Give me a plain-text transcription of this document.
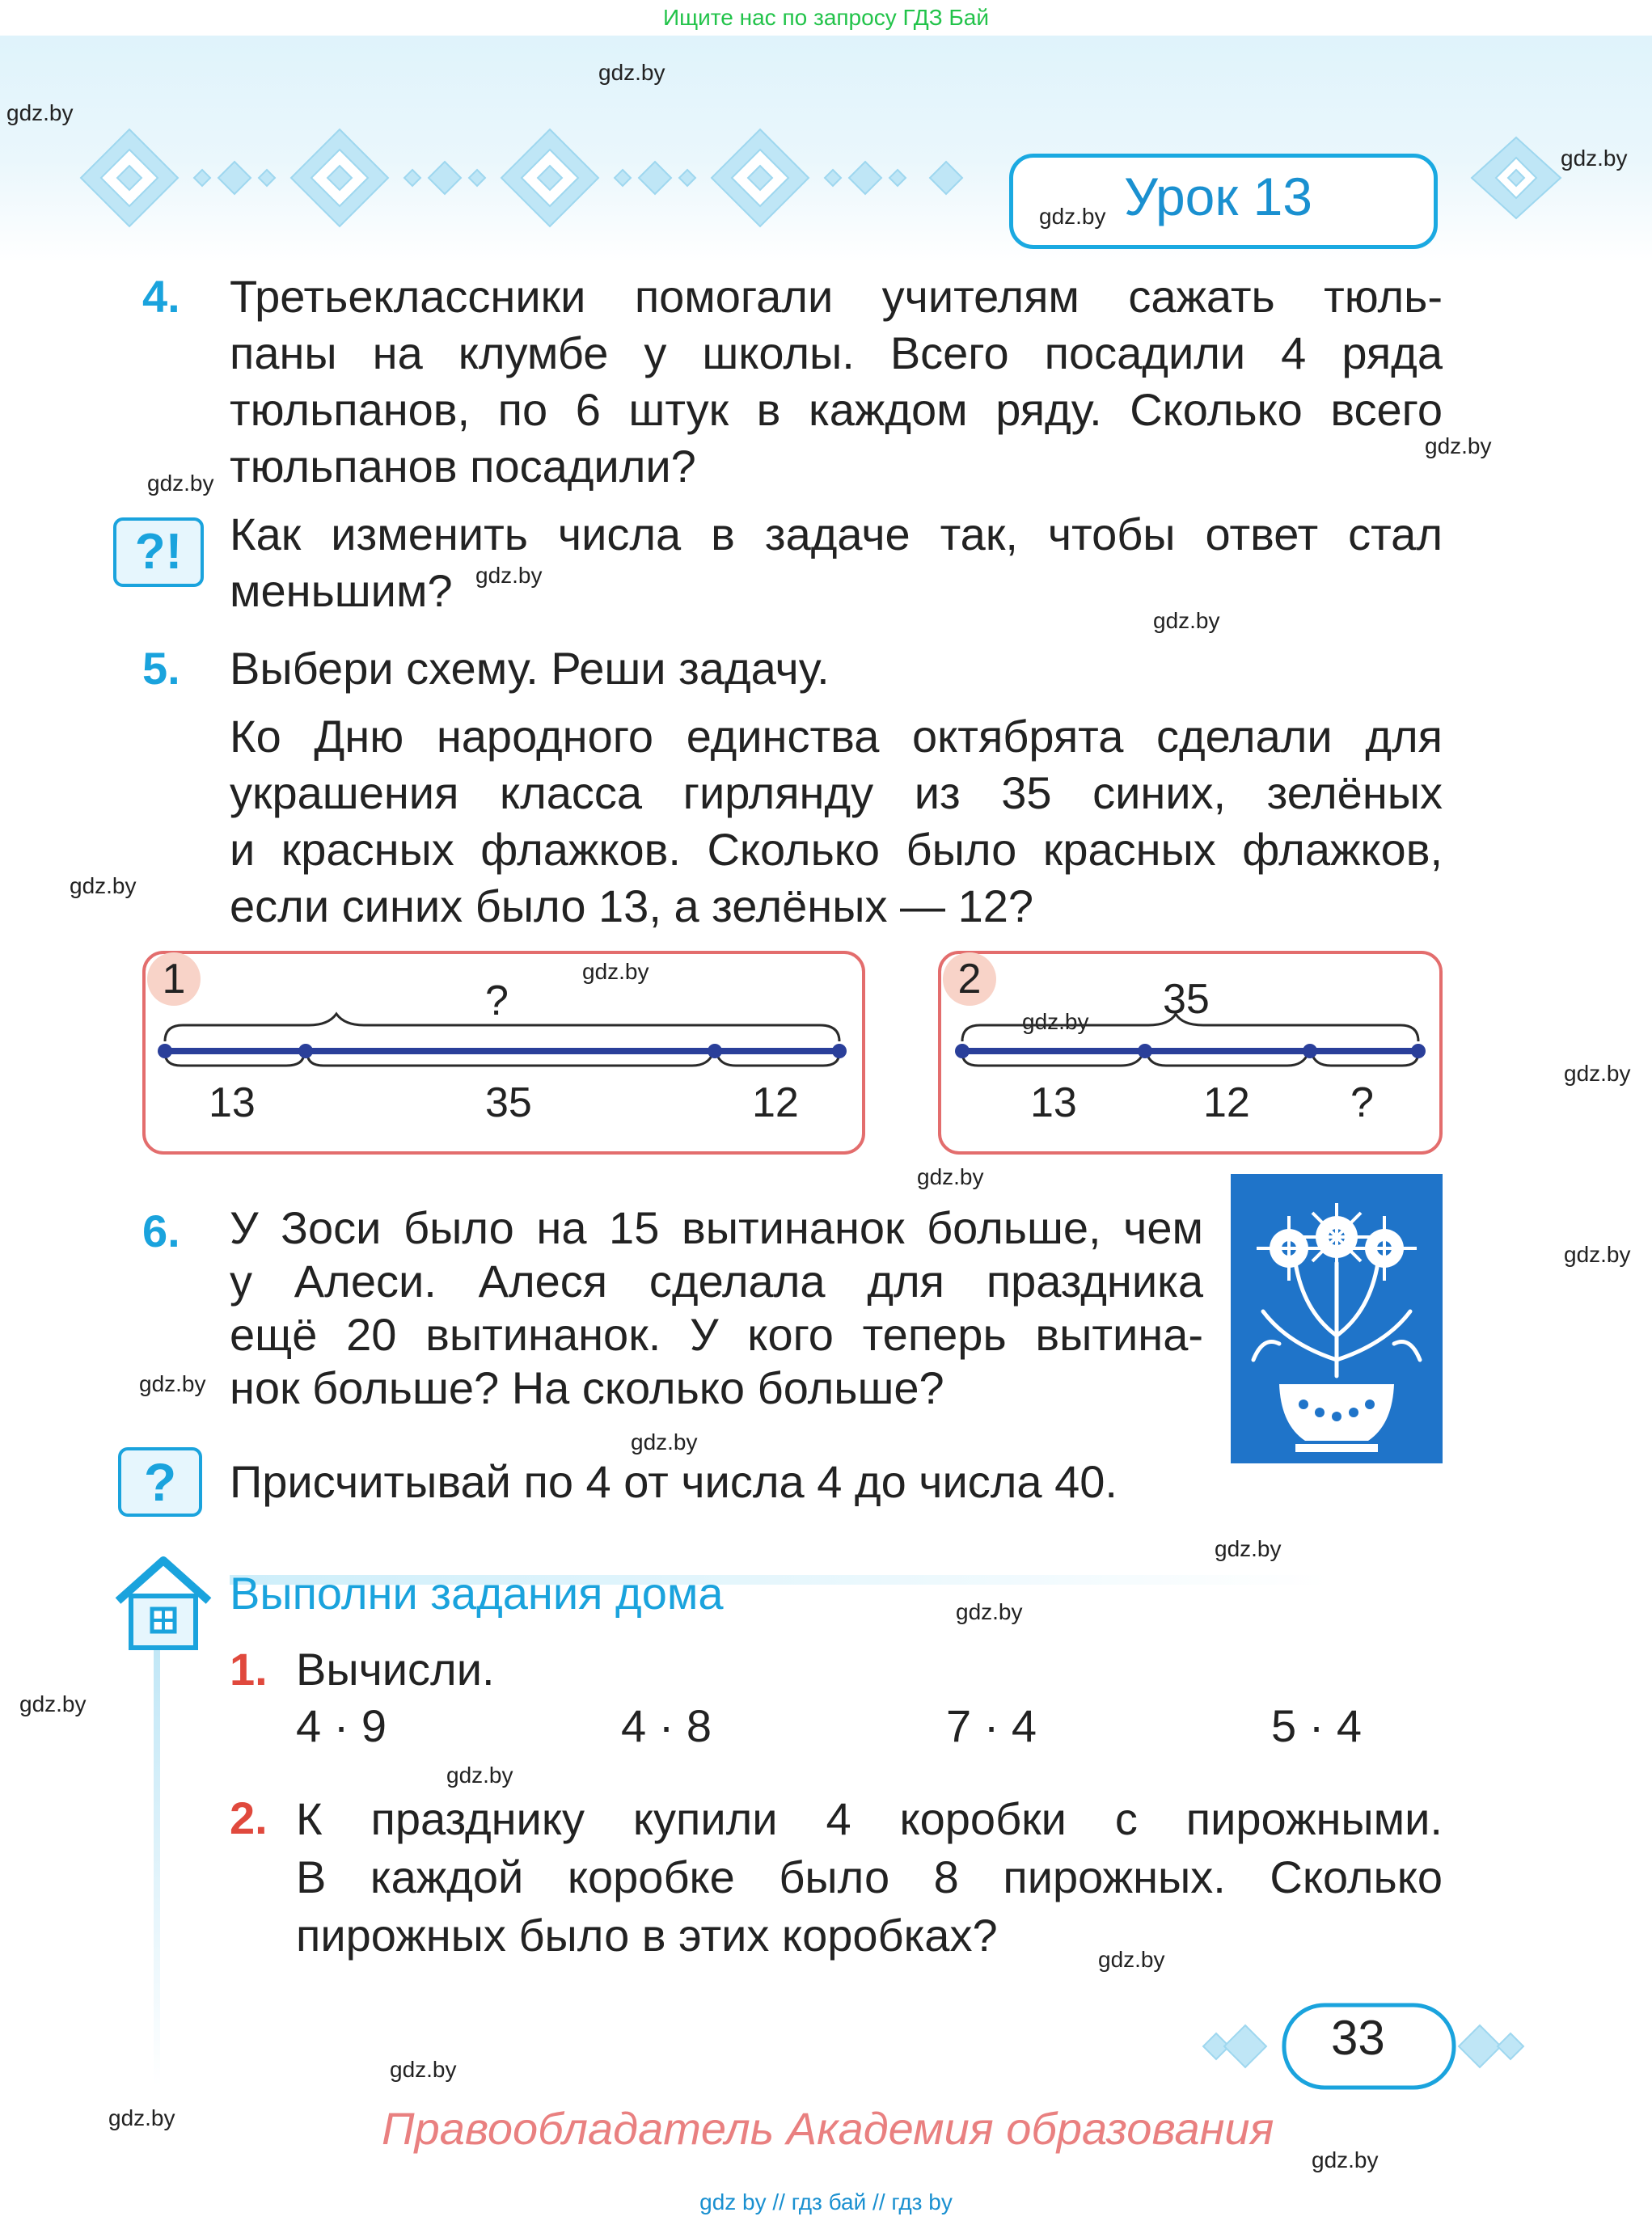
Ищите нас по запросу ГДЗ Бай
Урок 13
gdz.by
gdz.by
gdz.by
gdz.by
gdz.by
gdz.by
gdz.by
gdz.by
gdz.by
gdz.by
gdz.by
gdz.by
gdz.by
gdz.by
gdz.by
gdz.by
gdz.by
gdz.by
gdz.by
gdz.by
gdz.by
gdz.by
gdz.by
gdz.by
4. Третьеклассники помогали учителям сажать тюль-
паны на клумбе у школы. Всего посадили 4 ряда
тюльпанов, по 6 штук в каждом ряду. Сколько всего
тюльпанов посадили?
?!	Как изменить числа в задаче так, чтобы ответ стал
меньшим?
5. Выбери схему. Реши задачу.
Ко Дню народного единства октябрята сделали для
украшения класса гирлянду из 35 синих, зелёных
и красных флажков. Сколько было красных флажков,
если синих было 13, а зелёных — 12?
1	?
13	35	12
2	35
13	12 ?
6. У Зоси было на 15 вытинанок больше, чем
у Алеси. Алеся сделала для праздника
ещё 20 вытинанок. У кого теперь вытина-
нок больше? На сколько больше?
?	Присчитывай по 4 от числа 4 до числа 40.
Выполни задания дома
1. Вычисли.
4 · 9	4 · 8	7 · 4	5 · 4
2. К празднику купили 4 коробки с пирожными.
В каждой коробке было 8 пирожных. Сколько
пирожных было в этих коробках?
33
Правообладатель Академия образования
gdz by // гдз бай // гдз by
